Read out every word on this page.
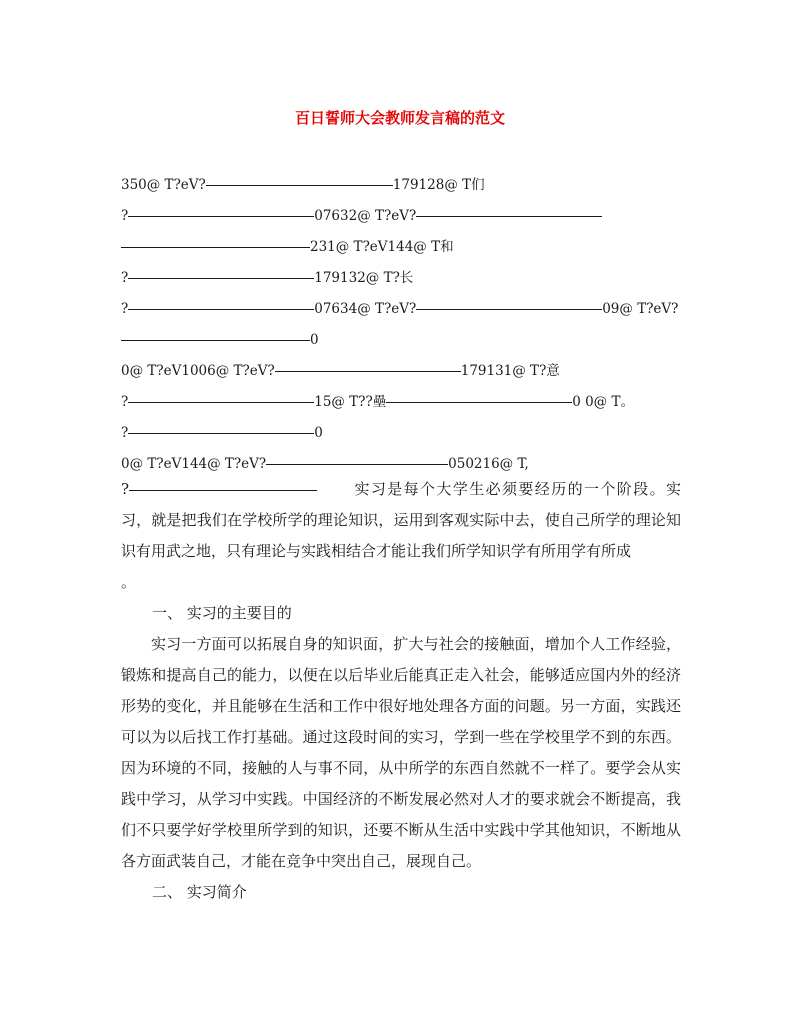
百日誓师大会教师发言稿的范文
350@ T?eV?	179128@ T们
?	07632@ T?eV?
231@ T?eV144@ T和
?	179132@ T?长
?	07634@ T?eV?	09@ T?eV?
0
0@ T?eV1006@ T?eV?	179131@ T?意
?	15@ T??壘	0 0@ T。
?	0
0@ T?eV144@ T?eV?	050216@ T,

?	实习是每个大学生必须要经历的一个阶段。实习，就是把我们在学校所学的理论知识，运用到客观实际中去，使自己所学的理论知识有用武之地，只有理论与实践相结合才能让我们所学知识学有所用学有所成

。

一、 实习的主要目的

实习一方面可以拓展自身的知识面，扩大与社会的接触面，增加个人工作经验，锻炼和提高自己的能力，以便在以后毕业后能真正走入社会，能够适应国内外的经济形势的变化，并且能够在生活和工作中很好地处理各方面的问题。另一方面，实践还可以为以后找工作打基础。通过这段时间的实习，学到一些在学校里学不到的东西。因为环境的不同，接触的人与事不同，从中所学的东西自然就不一样了。要学会从实践中学习，从学习中实践。中国经济的不断发展必然对人才的要求就会不断提高，我们不只要学好学校里所学到的知识，还要不断从生活中实践中学其他知识，不断地从各方面武装自己，才能在竞争中突出自己，展现自己。

二、 实习简介
